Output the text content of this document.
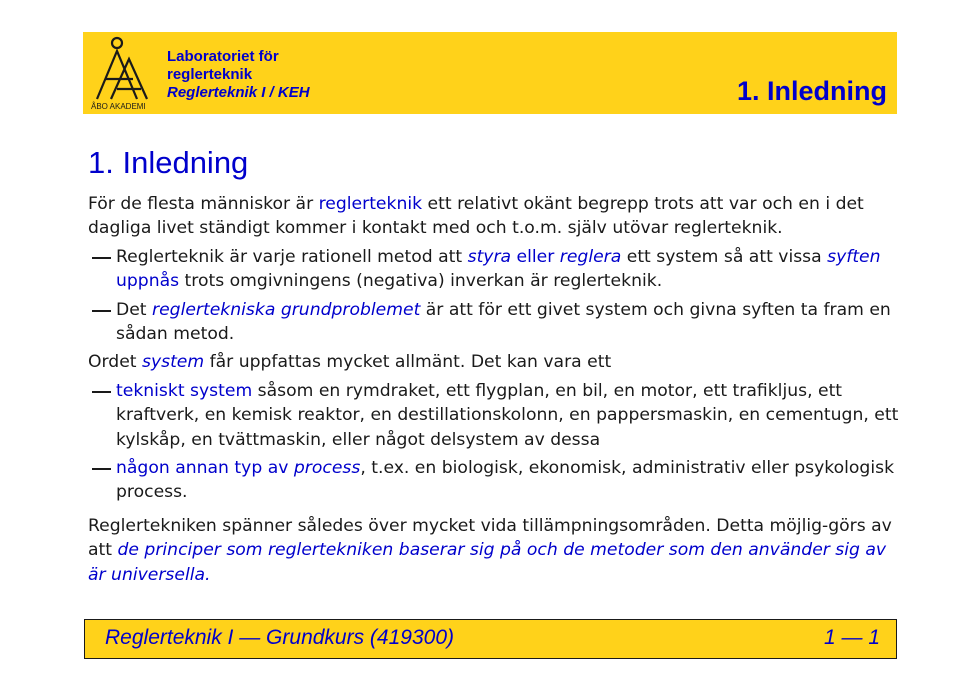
ÅBO AKADEMI
Laboratoriet för
reglerteknik
Reglerteknik I / KEH	1. Inledning
1. Inledning

För de flesta människor är reglerteknik ett relativt okänt begrepp trots att var och en i det dagliga livet ständigt kommer i kontakt med och t.o.m. själv utövar reglerteknik.

Reglerteknik är varje rationell metod att styra eller reglera ett system så att vissa syften uppnås trots omgivningens (negativa) inverkan är reglerteknik.
Det reglertekniska grundproblemet är att för ett givet system och givna syften ta fram en sådan metod.

Ordet system får uppfattas mycket allmänt. Det kan vara ett

tekniskt system såsom en rymdraket, ett flygplan, en bil, en motor, ett trafikljus, ett kraftverk, en kemisk reaktor, en destillationskolonn, en pappersmaskin, en cementugn, ett kylskåp, en tvättmaskin, eller något delsystem av dessa
någon annan typ av process, t.ex. en biologisk, ekonomisk, administrativ eller psykologisk process.

Reglertekniken spänner således över mycket vida tillämpningsområden. Detta möjlig-görs av att de principer som reglertekniken baserar sig på och de metoder som den använder sig av är universella.

Reglerteknik I — Grundkurs (419300)	1 — 1
